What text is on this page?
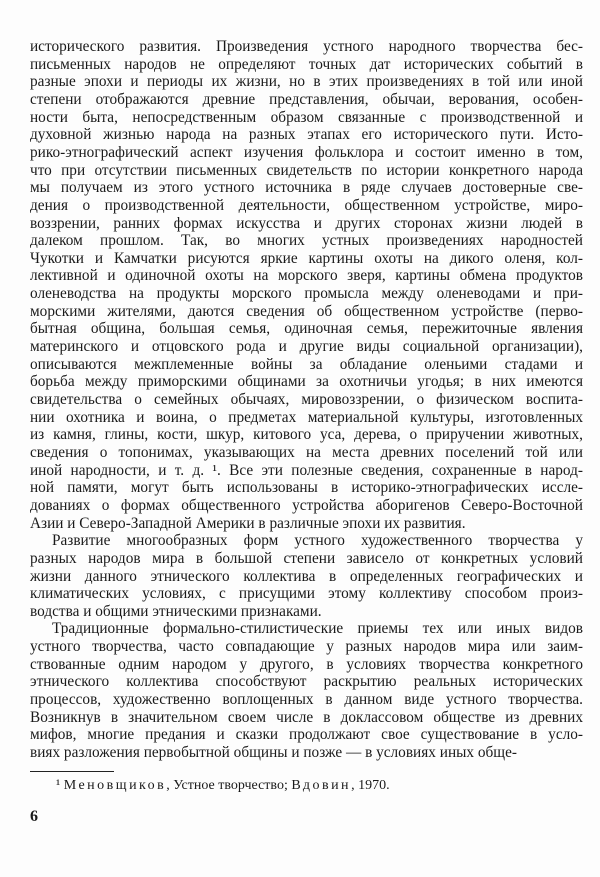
исторического развития. Произведения устного народного творчества бес-
письменных народов не определяют точных дат исторических событий в
разные эпохи и периоды их жизни, но в этих произведениях в той или иной
степени отображаются древние представления, обычаи, верования, особен-
ности быта, непосредственным образом связанные с производственной и
духовной жизнью народа на разных этапах его исторического пути. Исто-
рико-этнографический аспект изучения фольклора и состоит именно в том,
что при отсутствии письменных свидетельств по истории конкретного народа
мы получаем из этого устного источника в ряде случаев достоверные све-
дения о производственной деятельности, общественном устройстве, миро-
воззрении, ранних формах искусства и других сторонах жизни людей в
далеком прошлом. Так, во многих устных произведениях народностей
Чукотки и Камчатки рисуются яркие картины охоты на дикого оленя, кол-
лективной и одиночной охоты на морского зверя, картины обмена продуктов
оленеводства на продукты морского промысла между оленеводами и при-
морскими жителями, даются сведения об общественном устройстве (перво-
бытная община, большая семья, одиночная семья, пережиточные явления
материнского и отцовского рода и другие виды социальной организации),
описываются межплеменные войны за обладание оленьими стадами и
борьба между приморскими общинами за охотничьи угодья; в них имеются
свидетельства о семейных обычаях, мировоззрении, о физическом воспита-
нии охотника и воина, о предметах материальной культуры, изготовленных
из камня, глины, кости, шкур, китового уса, дерева, о приручении животных,
сведения о топонимах, указывающих на места древних поселений той или
иной народности, и т. д. ¹. Все эти полезные сведения, сохраненные в народ-
ной памяти, могут быть использованы в историко-этнографических иссле-
дованиях о формах общественного устройства аборигенов Северо-Восточной
Азии и Северо-Западной Америки в различные эпохи их развития.
Развитие многообразных форм устного художественного творчества у
разных народов мира в большой степени зависело от конкретных условий
жизни данного этнического коллектива в определенных географических и
климатических условиях, с присущими этому коллективу способом произ-
водства и общими этническими признаками.
Традиционные формально-стилистические приемы тех или иных видов
устного творчества, часто совпадающие у разных народов мира или заим-
ствованные одним народом у другого, в условиях творчества конкретного
этнического коллектива способствуют раскрытию реальных исторических
процессов, художественно воплощенных в данном виде устного творчества.
Возникнув в значительном своем числе в доклассовом обществе из древних
мифов, многие предания и сказки продолжают свое существование в усло-
виях разложения первобытной общины и позже — в условиях иных обще-
¹ Меновщиков, Устное творчество; Вдовин, 1970.
6
